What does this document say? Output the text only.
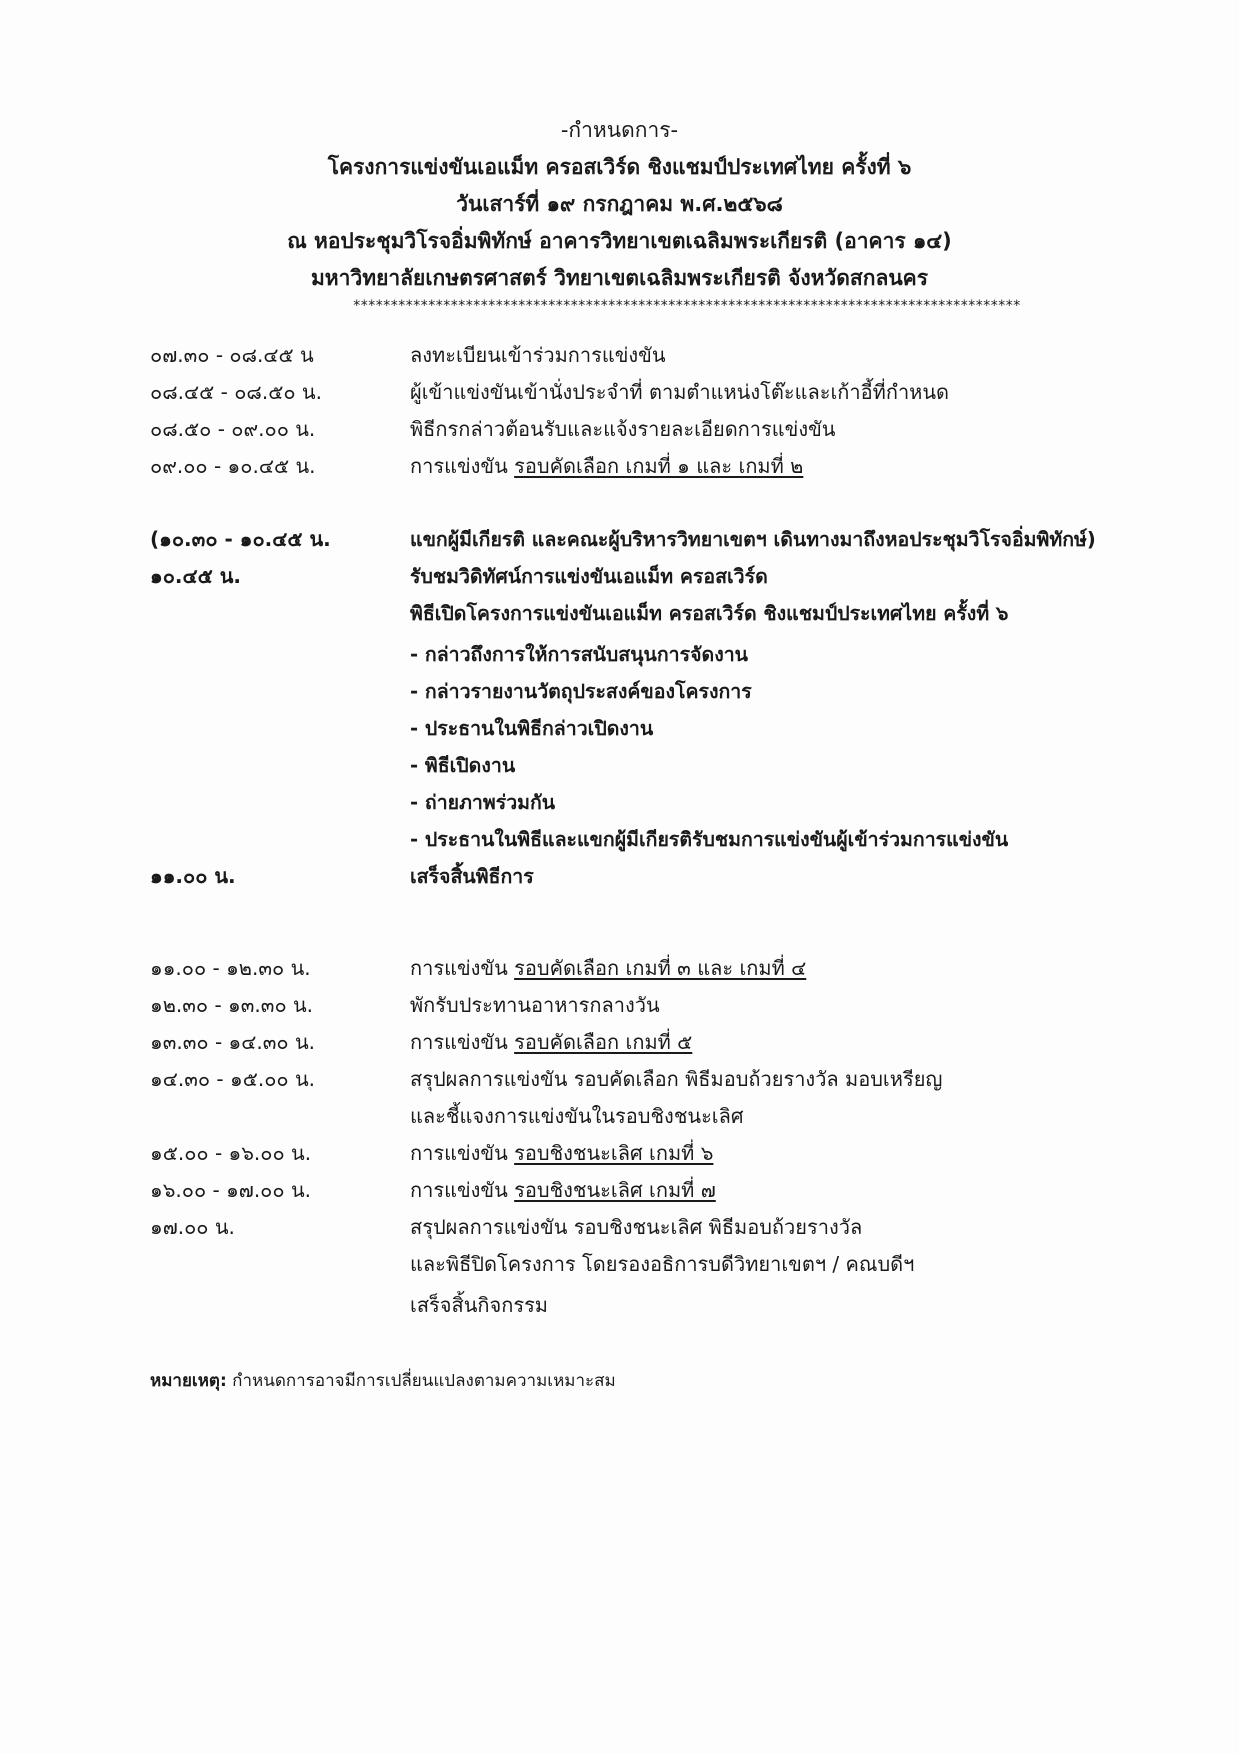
-กำหนดการ-
โครงการแข่งขันเอแม็ท ครอสเวิร์ด ชิงแชมป์ประเทศไทย ครั้งที่ ๖
วันเสาร์ที่ ๑๙ กรกฎาคม พ.ศ.๒๕๖๘
ณ หอประชุมวิโรจอิ่มพิทักษ์ อาคารวิทยาเขตเฉลิมพระเกียรติ (อาคาร ๑๔)
มหาวิทยาลัยเกษตรศาสตร์ วิทยาเขตเฉลิมพระเกียรติ จังหวัดสกลนคร
*****************************************************************************************
๐๗.๓๐ - ๐๘.๔๕ น	ลงทะเบียนเข้าร่วมการแข่งขัน
๐๘.๔๕ - ๐๘.๕๐ น.	ผู้เข้าแข่งขันเข้านั่งประจำที่ ตามตำแหน่งโต๊ะและเก้าอี้ที่กำหนด
๐๘.๕๐ - ๐๙.๐๐ น.	พิธีกรกล่าวต้อนรับและแจ้งรายละเอียดการแข่งขัน
๐๙.๐๐ - ๑๐.๔๕ น.	การแข่งขัน รอบคัดเลือก เกมที่ ๑ และ เกมที่ ๒
(๑๐.๓๐ - ๑๐.๔๕ น.	แขกผู้มีเกียรติ และคณะผู้บริหารวิทยาเขตฯ เดินทางมาถึงหอประชุมวิโรจอิ่มพิทักษ์)
๑๐.๔๕ น.	รับชมวิดิทัศน์การแข่งขันเอแม็ท ครอสเวิร์ด
พิธีเปิดโครงการแข่งขันเอแม็ท ครอสเวิร์ด ชิงแชมป์ประเทศไทย ครั้งที่ ๖
- กล่าวถึงการให้การสนับสนุนการจัดงาน
- กล่าวรายงานวัตถุประสงค์ของโครงการ
- ประธานในพิธีกล่าวเปิดงาน
- พิธีเปิดงาน
- ถ่ายภาพร่วมกัน
- ประธานในพิธีและแขกผู้มีเกียรติรับชมการแข่งขันผู้เข้าร่วมการแข่งขัน
๑๑.๐๐ น.	เสร็จสิ้นพิธีการ
๑๑.๐๐ - ๑๒.๓๐ น.	การแข่งขัน รอบคัดเลือก เกมที่ ๓ และ เกมที่ ๔
๑๒.๓๐ - ๑๓.๓๐ น.	พักรับประทานอาหารกลางวัน
๑๓.๓๐ - ๑๔.๓๐ น.	การแข่งขัน รอบคัดเลือก เกมที่ ๕
๑๔.๓๐ - ๑๕.๐๐ น.	สรุปผลการแข่งขัน รอบคัดเลือก พิธีมอบถ้วยรางวัล มอบเหรียญ
และชี้แจงการแข่งขันในรอบชิงชนะเลิศ
๑๕.๐๐ - ๑๖.๐๐ น.	การแข่งขัน รอบชิงชนะเลิศ เกมที่ ๖
๑๖.๐๐ - ๑๗.๐๐ น.	การแข่งขัน รอบชิงชนะเลิศ เกมที่ ๗
๑๗.๐๐ น.	สรุปผลการแข่งขัน รอบชิงชนะเลิศ พิธีมอบถ้วยรางวัล
และพิธีปิดโครงการ โดยรองอธิการบดีวิทยาเขตฯ / คณบดีฯ
เสร็จสิ้นกิจกรรม
หมายเหตุ: กำหนดการอาจมีการเปลี่ยนแปลงตามความเหมาะสม
